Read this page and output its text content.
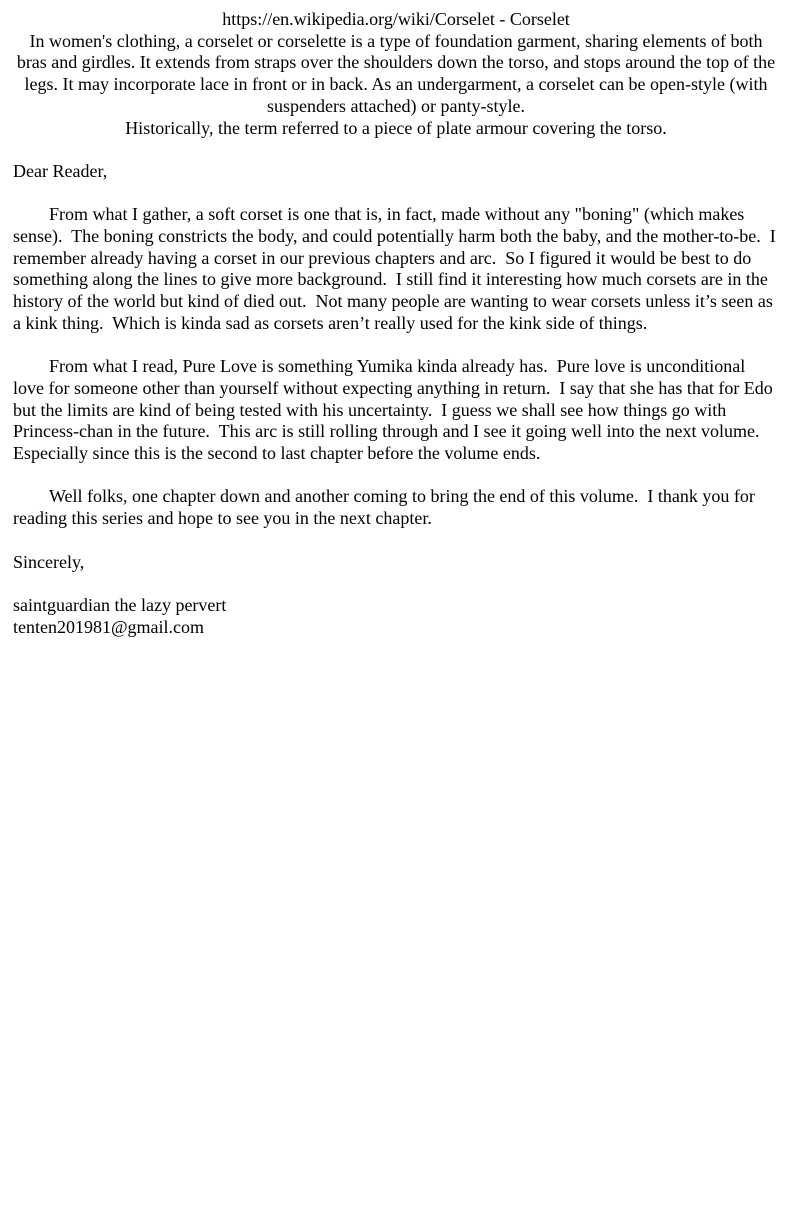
https://en.wikipedia.org/wiki/Corselet - Corselet

In women's clothing, a corselet or corselette is a type of foundation garment, sharing elements of both bras and girdles. It extends from straps over the shoulders down the torso, and stops around the top of the legs. It may incorporate lace in front or in back. As an undergarment, a corselet can be open-style (with suspenders attached) or panty-style.

Historically, the term referred to a piece of plate armour covering the torso.

Dear Reader,

From what I gather, a soft corset is one that is, in fact, made without any "boning" (which makes sense).  The boning constricts the body, and could potentially harm both the baby, and the mother-to-be.  I remember already having a corset in our previous chapters and arc.  So I figured it would be best to do something along the lines to give more background.  I still find it interesting how much corsets are in the history of the world but kind of died out.  Not many people are wanting to wear corsets unless it’s seen as a kink thing.  Which is kinda sad as corsets aren’t really used for the kink side of things.

From what I read, Pure Love is something Yumika kinda already has.  Pure love is unconditional love for someone other than yourself without expecting anything in return.  I say that she has that for Edo but the limits are kind of being tested with his uncertainty.  I guess we shall see how things go with Princess-chan in the future.  This arc is still rolling through and I see it going well into the next volume.  Especially since this is the second to last chapter before the volume ends.

Well folks, one chapter down and another coming to bring the end of this volume.  I thank you for reading this series and hope to see you in the next chapter.

Sincerely,

saintguardian the lazy pervert

tenten201981@gmail.com
